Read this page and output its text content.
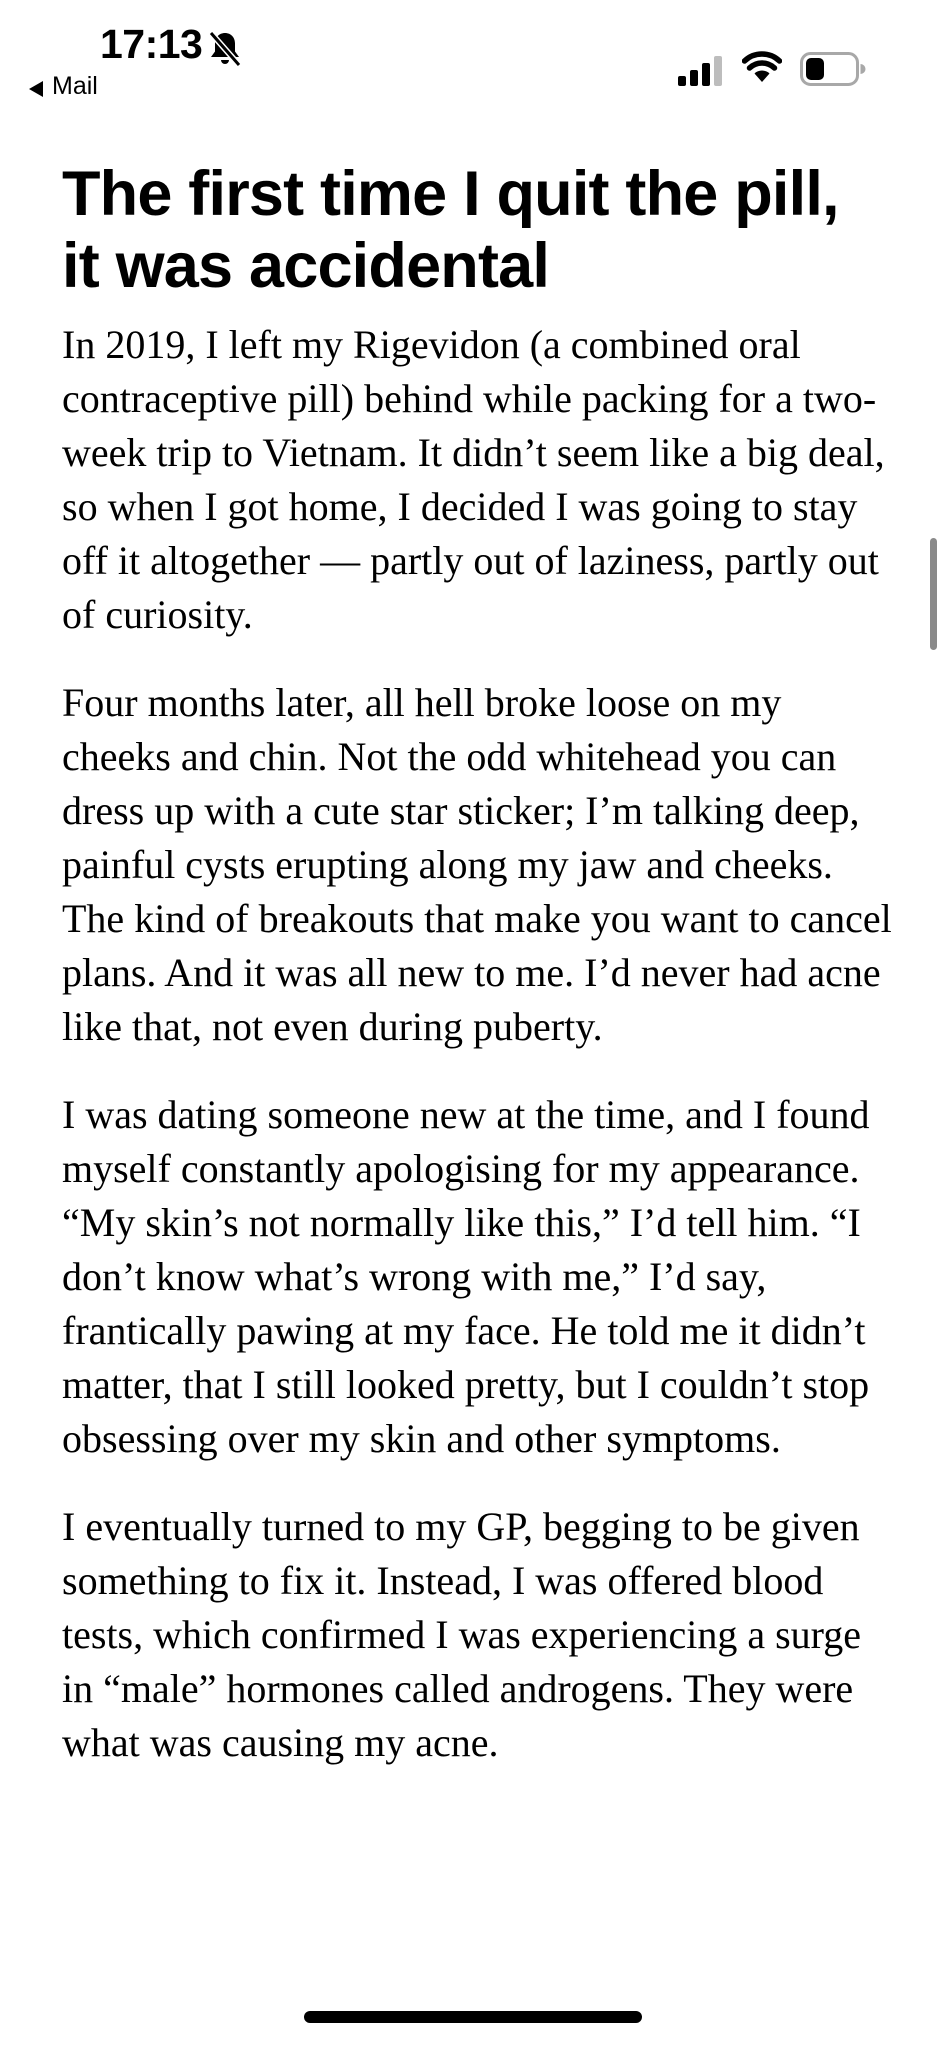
17:13
Mail
The first time I quit the pill, it was accidental

In 2019, I left my Rigevidon (a combined oral contraceptive pill) behind while packing for a two-week trip to Vietnam. It didn’t seem like a big deal, so when I got home, I decided I was going to stay off it altogether — partly out of laziness, partly out of curiosity.

Four months later, all hell broke loose on my cheeks and chin. Not the odd whitehead you can dress up with a cute star sticker; I’m talking deep, painful cysts erupting along my jaw and cheeks. The kind of breakouts that make you want to cancel plans. And it was all new to me. I’d never had acne like that, not even during puberty.

I was dating someone new at the time, and I found myself constantly apologising for my appearance. “My skin’s not normally like this,” I’d tell him. “I don’t know what’s wrong with me,” I’d say, frantically pawing at my face. He told me it didn’t matter, that I still looked pretty, but I couldn’t stop obsessing over my skin and other symptoms.

I eventually turned to my GP, begging to be given something to fix it. Instead, I was offered blood tests, which confirmed I was experiencing a surge in “male” hormones called androgens. They were what was causing my acne.
